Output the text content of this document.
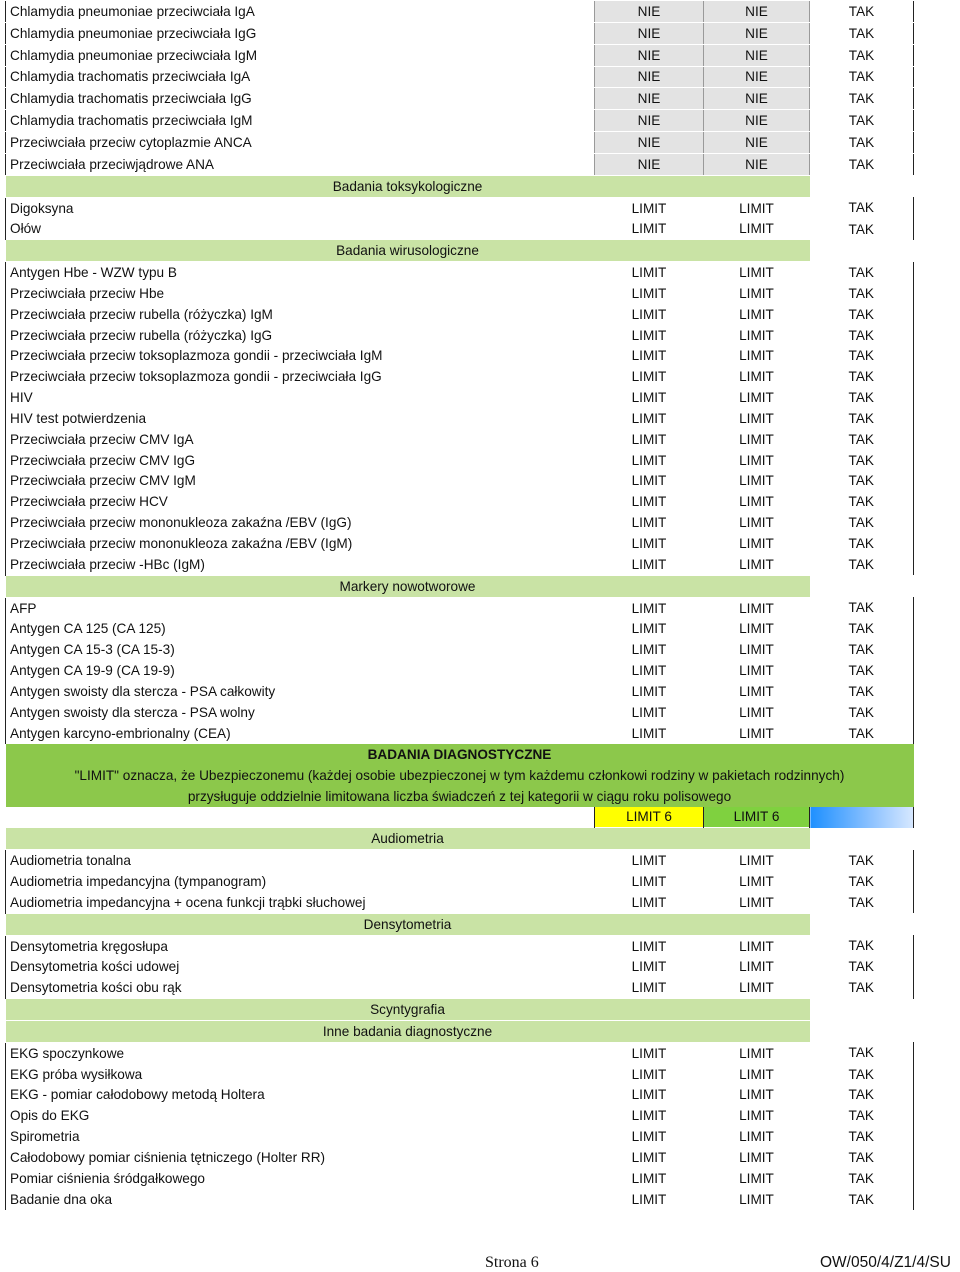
Chlamydia pneumoniae przeciwciała IgA	NIE	NIE	TAK
Chlamydia pneumoniae przeciwciała IgG	NIE	NIE	TAK
Chlamydia pneumoniae przeciwciała IgM	NIE	NIE	TAK
Chlamydia trachomatis przeciwciała IgA	NIE	NIE	TAK
Chlamydia trachomatis przeciwciała IgG	NIE	NIE	TAK
Chlamydia trachomatis przeciwciała IgM	NIE	NIE	TAK
Przeciwciała przeciw cytoplazmie ANCA	NIE	NIE	TAK
Przeciwciała przeciwjądrowe ANA	NIE	NIE	TAK
Badania toksykologiczne			
Digoksyna	LIMIT	LIMIT	TAK
Ołów	LIMIT	LIMIT	TAK
Badania wirusologiczne			
Antygen Hbe - WZW typu B	LIMIT	LIMIT	TAK
Przeciwciała przeciw Hbe	LIMIT	LIMIT	TAK
Przeciwciała przeciw rubella (różyczka) IgM	LIMIT	LIMIT	TAK
Przeciwciała przeciw rubella (różyczka) IgG	LIMIT	LIMIT	TAK
Przeciwciała przeciw toksoplazmoza gondii - przeciwciała IgM	LIMIT	LIMIT	TAK
Przeciwciała przeciw toksoplazmoza gondii - przeciwciała IgG	LIMIT	LIMIT	TAK
HIV	LIMIT	LIMIT	TAK
HIV test potwierdzenia	LIMIT	LIMIT	TAK
Przeciwciała przeciw CMV IgA	LIMIT	LIMIT	TAK
Przeciwciała przeciw CMV IgG	LIMIT	LIMIT	TAK
Przeciwciała przeciw CMV IgM	LIMIT	LIMIT	TAK
Przeciwciała przeciw HCV	LIMIT	LIMIT	TAK
Przeciwciała przeciw mononukleoza zakaźna /EBV (IgG)	LIMIT	LIMIT	TAK
Przeciwciała przeciw mononukleoza zakaźna /EBV (IgM)	LIMIT	LIMIT	TAK
Przeciwciała przeciw -HBc (IgM)	LIMIT	LIMIT	TAK
Markery nowotworowe			
AFP	LIMIT	LIMIT	TAK
Antygen CA 125 (CA 125)	LIMIT	LIMIT	TAK
Antygen CA 15-3 (CA 15-3)	LIMIT	LIMIT	TAK
Antygen CA 19-9 (CA 19-9)	LIMIT	LIMIT	TAK
Antygen swoisty dla stercza - PSA całkowity	LIMIT	LIMIT	TAK
Antygen swoisty dla stercza - PSA wolny	LIMIT	LIMIT	TAK
Antygen karcyno-embrionalny (CEA)	LIMIT	LIMIT	TAK
BADANIA DIAGNOSTYCZNE			
"LIMIT" oznacza, że Ubezpieczonemu (każdej osobie ubezpieczonej w tym każdemu członkowi rodziny w pakietach rodzinnych)			
przysługuje oddzielnie limitowana liczba świadczeń z tej kategorii w ciągu roku polisowego			
	LIMIT 6	LIMIT 6	
Audiometria			
Audiometria tonalna	LIMIT	LIMIT	TAK
Audiometria impedancyjna (tympanogram)	LIMIT	LIMIT	TAK
Audiometria impedancyjna + ocena funkcji trąbki słuchowej	LIMIT	LIMIT	TAK
Densytometria			
Densytometria kręgosłupa	LIMIT	LIMIT	TAK
Densytometria kości udowej	LIMIT	LIMIT	TAK
Densytometria kości obu rąk	LIMIT	LIMIT	TAK
Scyntygrafia			
Inne badania diagnostyczne			
EKG spoczynkowe	LIMIT	LIMIT	TAK
EKG próba wysiłkowa	LIMIT	LIMIT	TAK
EKG - pomiar całodobowy metodą Holtera	LIMIT	LIMIT	TAK
Opis do EKG	LIMIT	LIMIT	TAK
Spirometria	LIMIT	LIMIT	TAK
Całodobowy pomiar ciśnienia tętniczego (Holter RR)	LIMIT	LIMIT	TAK
Pomiar ciśnienia śródgałkowego	LIMIT	LIMIT	TAK
Badanie dna oka	LIMIT	LIMIT	TAK
Strona 6	OW/050/4/Z1/4/SU
